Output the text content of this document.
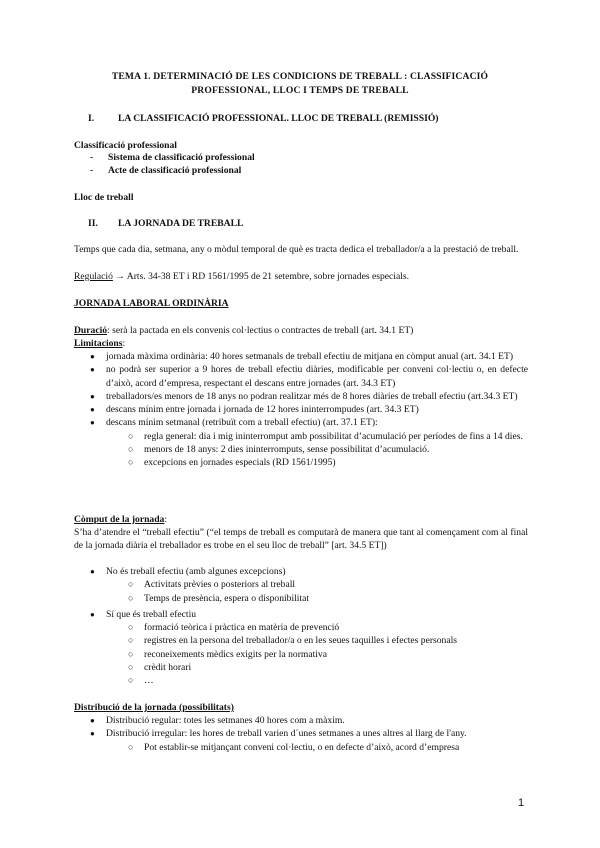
TEMA 1. DETERMINACIÓ DE LES CONDICIONS DE TREBALL : CLASSIFICACIÓ
PROFESSIONAL, LLOC I TEMPS DE TREBALL
I. LA CLASSIFICACIÓ PROFESSIONAL. LLOC DE TREBALL (REMISSIÓ)
Classificació professional
- Sistema de classificació professional
- Acte de classificació professional
Lloc de treball
II. LA JORNADA DE TREBALL
Temps que cada dia, setmana, any o mòdul temporal de què es tracta dedica el treballador/a a la prestació de treball.
Regulació → Arts. 34-38 ET i RD 1561/1995 de 21 setembre, sobre jornades especials.
JORNADA LABORAL ORDINÀRIA
Duració: serà la pactada en els convenis col·lectius o contractes de treball (art. 34.1 ET)
Limitacions:
● jornada màxima ordinària: 40 hores setmanals de treball efectiu de mitjana en còmput anual (art. 34.1 ET)
● no podrà ser superior a 9 hores de treball efectiu diàries, modificable per conveni col·lectiu o, en defecte d’això, acord d’empresa, respectant el descans entre jornades (art. 34.3 ET)
● treballadors/es menors de 18 anys no podran realitzar més de 8 hores diàries de treball efectiu (art.34.3 ET)
● descans mínim entre jornada i jornada de 12 hores ininterrompudes (art. 34.3 ET)
● descans mínim setmanal (retribuït com a treball efectiu) (art. 37.1 ET):
○ regla general: dia i mig ininterromput amb possibilitat d’acumulació per períodes de fins a 14 dies.
○ menors de 18 anys: 2 dies ininterromputs, sense possibilitat d’acumulació.
○ excepcions en jornades especials (RD 1561/1995)
Còmput de la jornada:
S’ha d’atendre el “treball efectiu” (“el temps de treball es computarà de manera que tant al començament com al final de la jornada diària el treballador es trobe en el seu lloc de treball” [art. 34.5 ET])
● No és treball efectiu (amb algunes excepcions)
○ Activitats prèvies o posteriors al treball
○ Temps de presència, espera o disponibilitat
● Sí que és treball efectiu
○ formació teòrica i pràctica en matèria de prevenció
○ registres en la persona del treballador/a o en les seues taquilles i efectes personals
○ reconeixements mèdics exigits per la normativa
○ crèdit horari
○ …
Distribució de la jornada (possibilitats)
● Distribució regular: totes les setmanes 40 hores com a màxim.
● Distribució irregular: les hores de treball varien d´unes setmanes a unes altres al llarg de l'any.
○ Pot establir-se mitjançant conveni col·lectiu, o en defecte d’això, acord d’empresa
1
